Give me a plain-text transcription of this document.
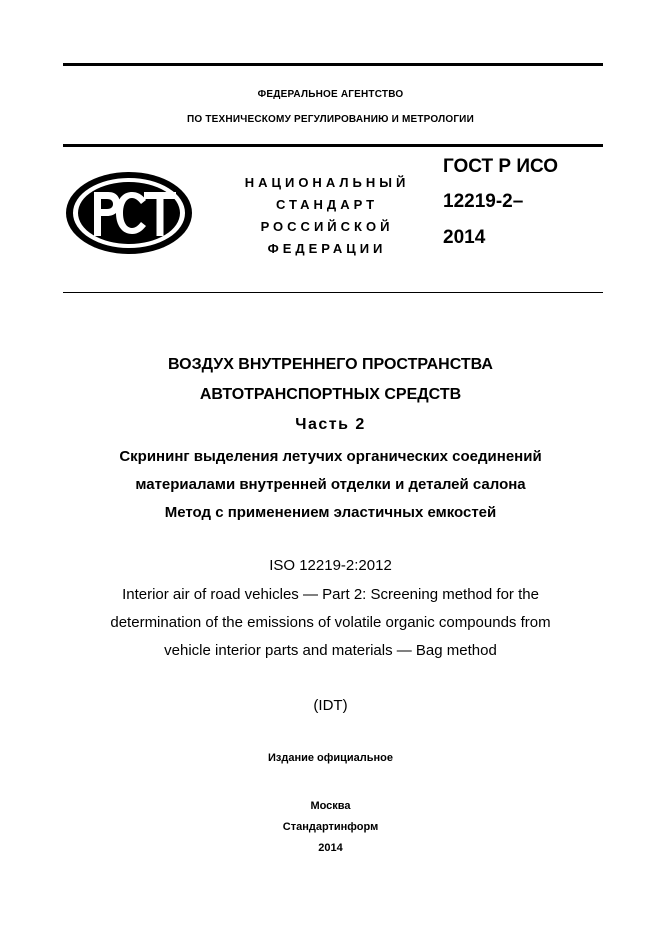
ФЕДЕРАЛЬНОЕ АГЕНТСТВО
ПО ТЕХНИЧЕСКОМУ РЕГУЛИРОВАНИЮ И МЕТРОЛОГИИ
НАЦИОНАЛЬНЫЙ
СТАНДАРТ
РОССИЙСКОЙ
ФЕДЕРАЦИИ
ГОСТ Р ИСО
12219-2–
2014
ВОЗДУХ ВНУТРЕННЕГО ПРОСТРАНСТВА
АВТОТРАНСПОРТНЫХ СРЕДСТВ
Часть 2
Скрининг выделения летучих органических соединений
материалами внутренней отделки и деталей салона
Метод с применением эластичных емкостей
ISO 12219-2:2012
Interior air of road vehicles — Part 2: Screening method for the
determination of the emissions of volatile organic compounds from
vehicle interior parts and materials — Bag method
(IDT)
Издание официальное
Москва
Стандартинформ
2014
